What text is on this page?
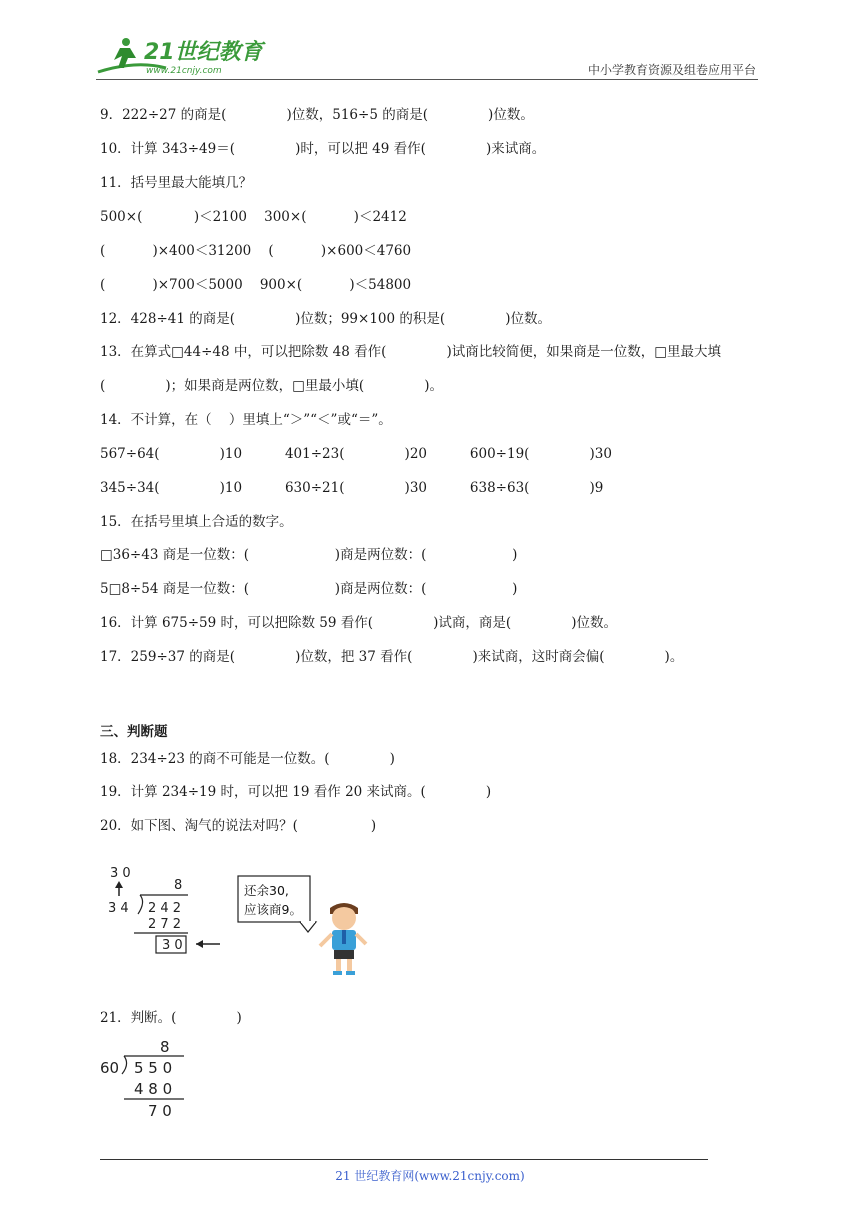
21世纪教育
www.21cnjy.com	中小学教育资源及组卷应用平台
9．222÷27 的商是(              )位数，516÷5 的商是(              )位数。
10．计算 343÷49＝(              )时，可以把 49 看作(              )来试商。
11．括号里最大能填几？
500×(            )＜2100    300×(           )＜2412
(           )×400＜31200    (           )×600＜4760
(           )×700＜5000    900×(           )＜54800
12．428÷41 的商是(              )位数；99×100 的积是(              )位数。
13．在算式□44÷48 中，可以把除数 48 看作(              )试商比较简便，如果商是一位数，□里最大填
(              )；如果商是两位数，□里最小填(              )。
14．不计算，在（    ）里填上“＞”“＜”或“＝”。
567÷64(              )10          401÷23(              )20          600÷19(              )30
345÷34(              )10          630÷21(              )30          638÷63(              )9
15．在括号里填上合适的数字。
□36÷43 商是一位数：(                    )商是两位数：(                    )
5□8÷54 商是一位数：(                    )商是两位数：(                    )
16．计算 675÷59 时，可以把除数 59 看作(              )试商，商是(              )位数。
17．259÷37 的商是(              )位数，把 37 看作(              )来试商，这时商会偏(              )。
三、判断题
18．234÷23 的商不可能是一位数。(              )
19．计算 234÷19 时，可以把 19 看作 20 来试商。(              )
20．如下图、淘气的说法对吗？(                 )
3 0
8
3 4 2 4 2
2 7 2
3 0
还余30,
应该商9。
21．判断。(              )
8
60 5 5 0
4 8 0
7 0
21 世纪教育网(www.21cnjy.com)
